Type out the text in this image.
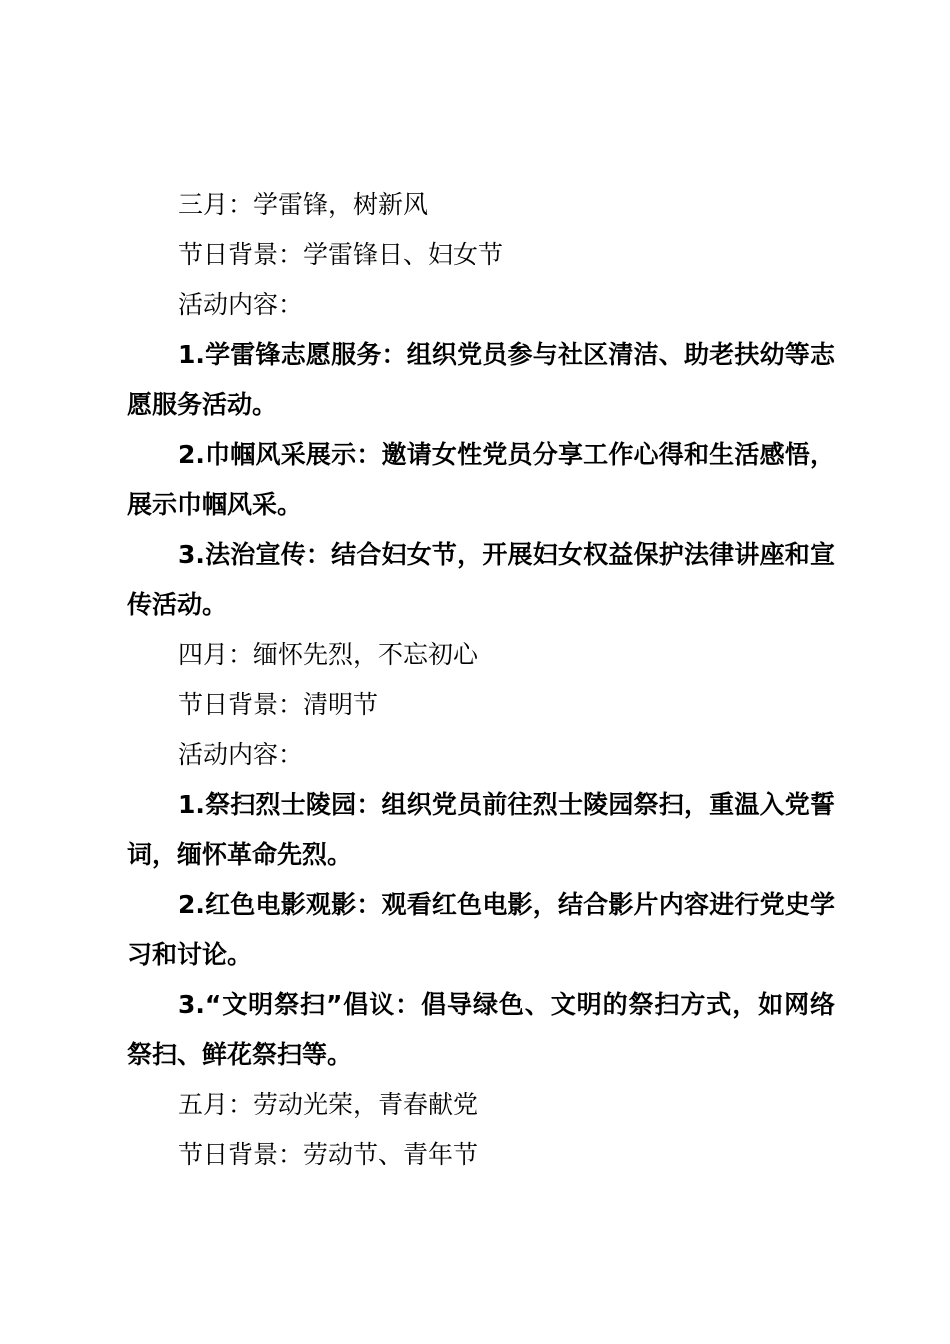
三月：学雷锋，树新风

节日背景：学雷锋日、妇女节

活动内容：

1.学雷锋志愿服务：组织党员参与社区清洁、助老扶幼等志愿服务活动。

2.巾帼风采展示：邀请女性党员分享工作心得和生活感悟，展示巾帼风采。

3.法治宣传：结合妇女节，开展妇女权益保护法律讲座和宣传活动。

四月：缅怀先烈，不忘初心

节日背景：清明节

活动内容：

1.祭扫烈士陵园：组织党员前往烈士陵园祭扫，重温入党誓词，缅怀革命先烈。

2.红色电影观影：观看红色电影，结合影片内容进行党史学习和讨论。

3.“文明祭扫”倡议：倡导绿色、文明的祭扫方式，如网络祭扫、鲜花祭扫等。

五月：劳动光荣，青春献党

节日背景：劳动节、青年节
